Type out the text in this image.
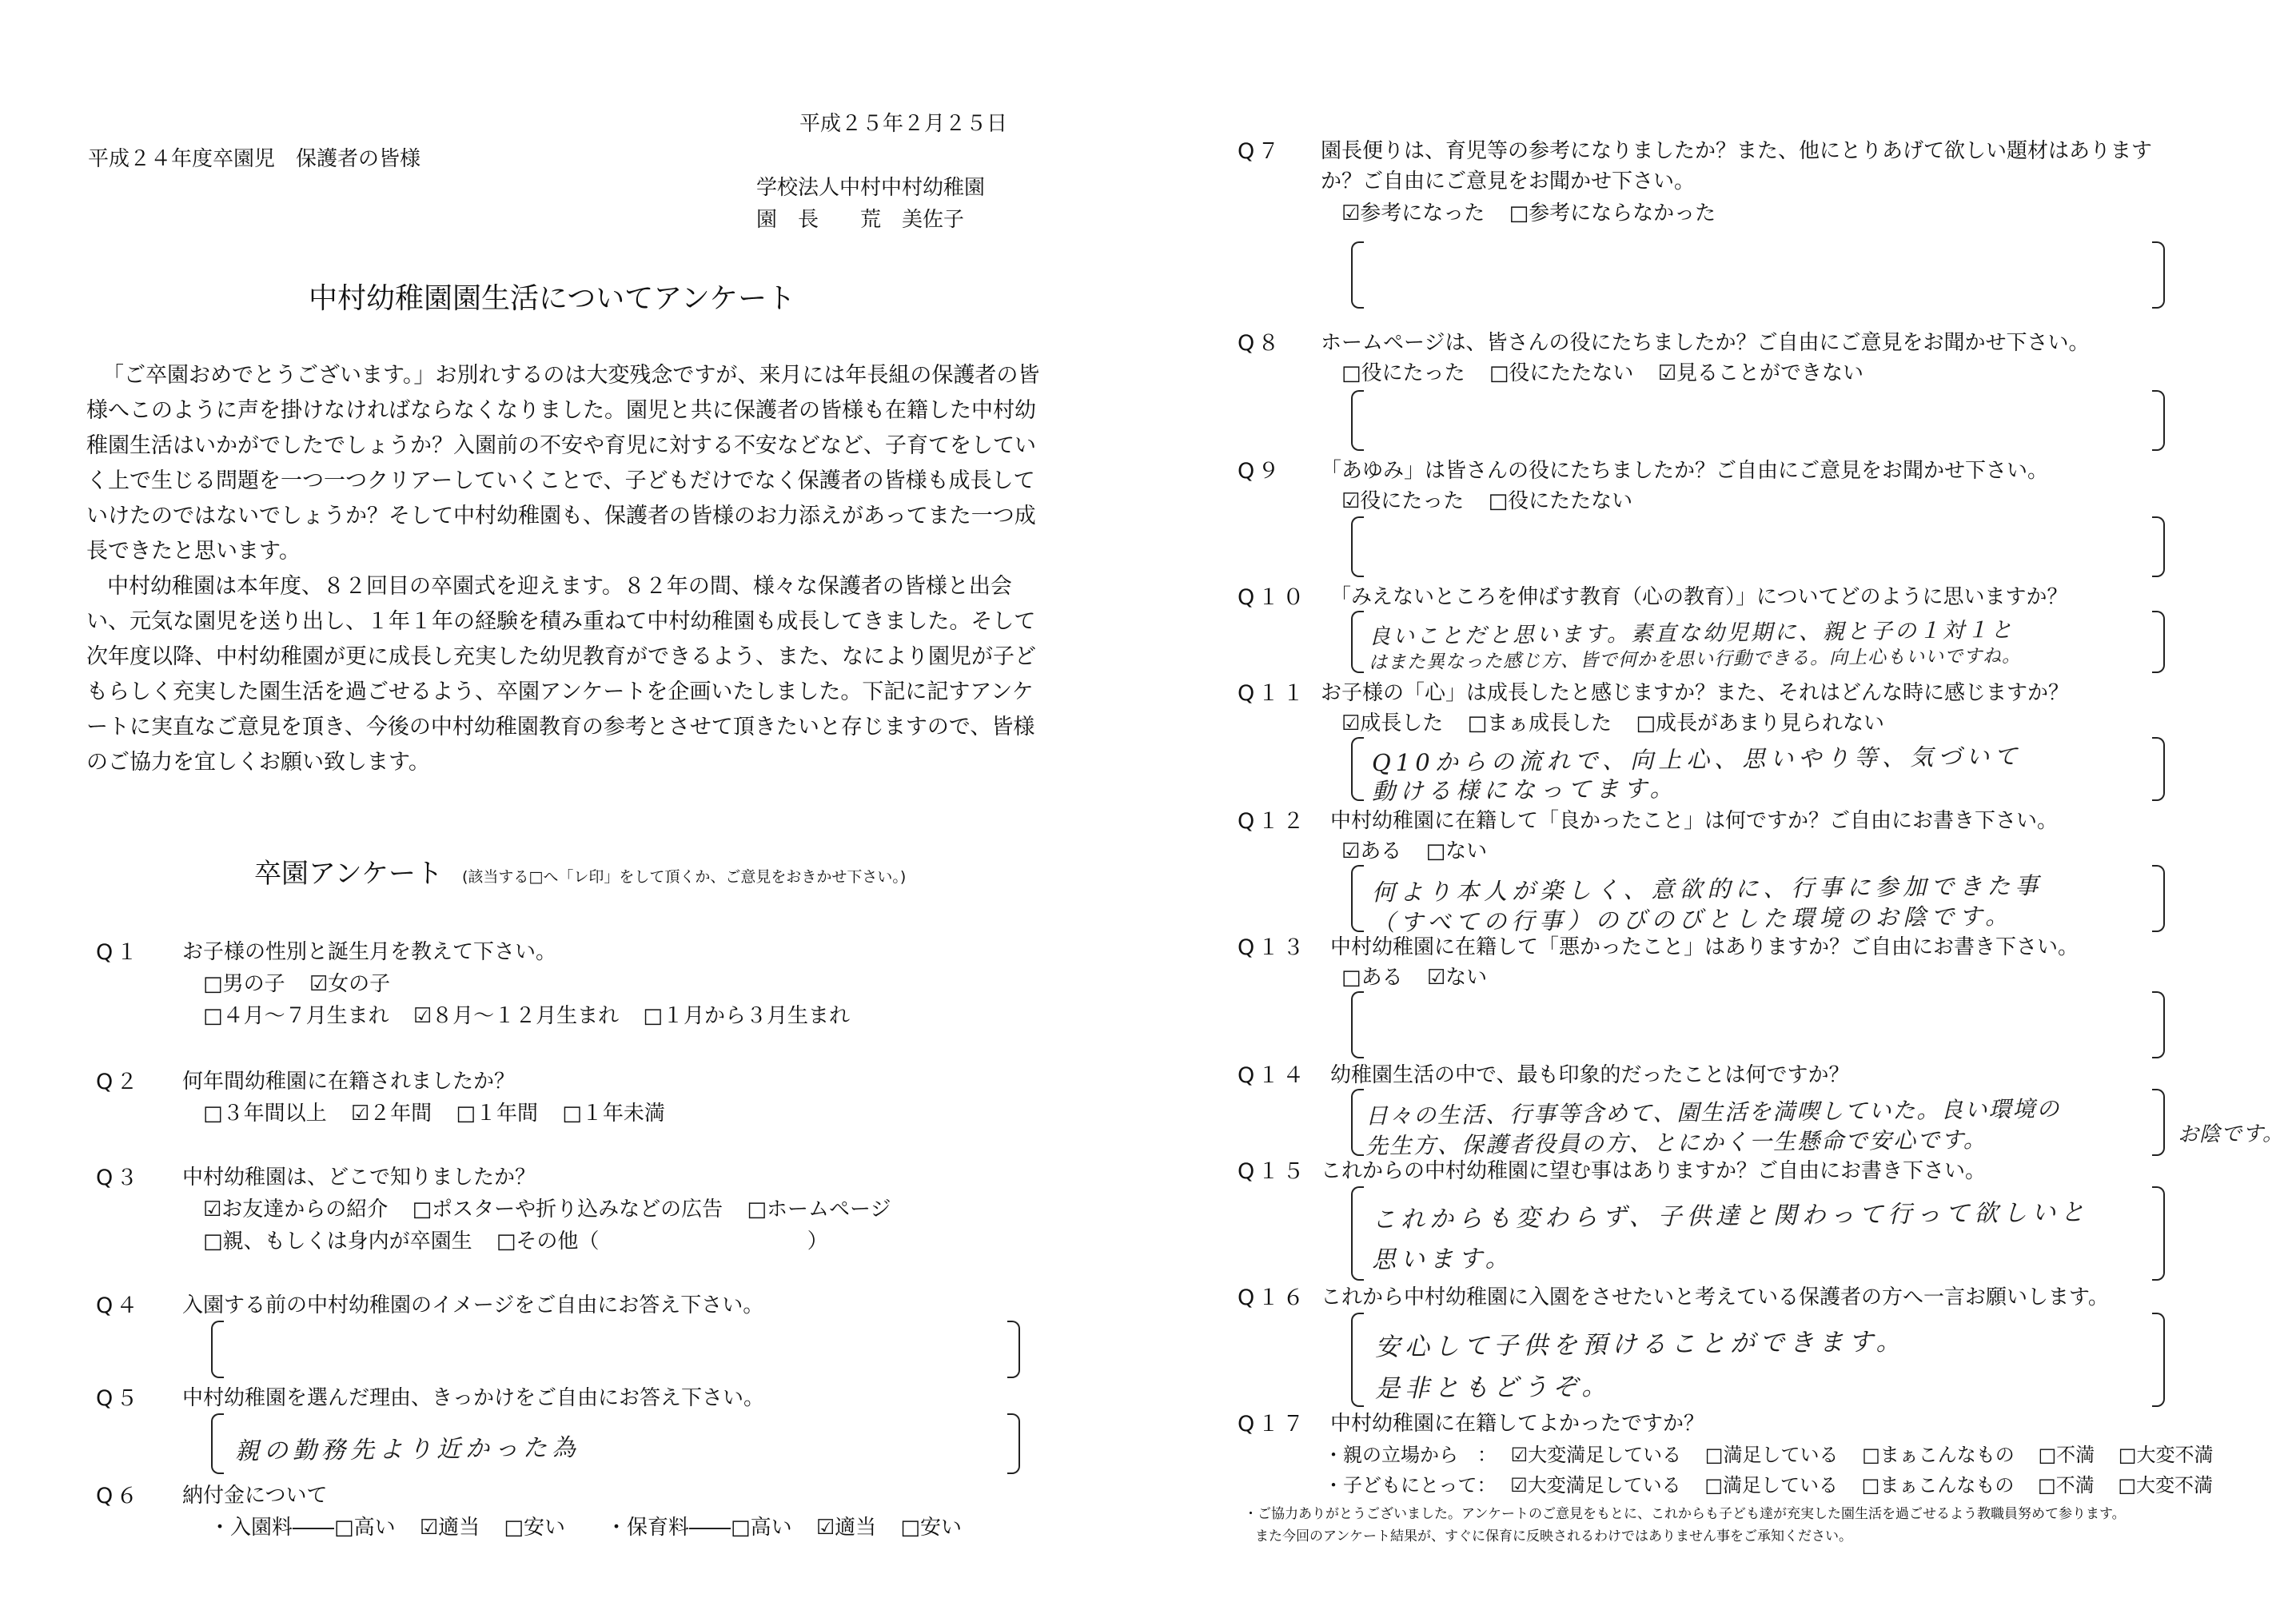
平成２５年２月２５日
平成２４年度卒園児　保護者の皆様
学校法人中村中村幼稚園
園　長　　荒　美佐子
中村幼稚園園生活についてアンケート
「ご卒園おめでとうございます。」お別れするのは大変残念ですが、来月には年長組の保護者の皆様へこのように声を掛けなければならなくなりました。園児と共に保護者の皆様も在籍した中村幼稚園生活はいかがでしたでしょうか？入園前の不安や育児に対する不安などなど、子育てをしていく上で生じる問題を一つ一つクリアーしていくことで、子どもだけでなく保護者の皆様も成長していけたのではないでしょうか？そして中村幼稚園も、保護者の皆様のお力添えがあってまた一つ成長できたと思います。
中村幼稚園は本年度、８２回目の卒園式を迎えます。８２年の間、様々な保護者の皆様と出会い、元気な園児を送り出し、１年１年の経験を積み重ねて中村幼稚園も成長してきました。そして次年度以降、中村幼稚園が更に成長し充実した幼児教育ができるよう、また、なにより園児が子どもらしく充実した園生活を過ごせるよう、卒園アンケートを企画いたしました。下記に記すアンケートに実直なご意見を頂き、今後の中村幼稚園教育の参考とさせて頂きたいと存じますので、皆様のご協力を宜しくお願い致します。
卒園アンケート (該当する□へ「レ印」をして頂くか、ご意見をおきかせ下さい。)
Q１ お子様の性別と誕生月を教えて下さい。
□男の子 ☑女の子
□４月〜７月生まれ ☑８月〜１２月生まれ □１月から３月生まれ
Q２ 何年間幼稚園に在籍されましたか？
□３年間以上 ☑２年間 □１年間 □１年未満
Q３ 中村幼稚園は、どこで知りましたか？
☑お友達からの紹介 □ポスターや折り込みなどの広告 □ホームページ
□親、もしくは身内が卒園生 □その他（	）
Q４ 入園する前の中村幼稚園のイメージをご自由にお答え下さい。
Q５ 中村幼稚園を選んだ理由、きっかけをご自由にお答え下さい。
親の勤務先より近かった為
Q６ 納付金について
・入園料――□高い ☑適当 □安い	・保育料――□高い ☑適当 □安い
Q７ 園長便りは、育児等の参考になりましたか？また、他にとりあげて欲しい題材はあります
か？ご自由にご意見をお聞かせ下さい。
☑参考になった □参考にならなかった
Q８ ホームページは、皆さんの役にたちましたか？ご自由にご意見をお聞かせ下さい。
□役にたった □役にたたない ☑見ることができない
Q９ 「あゆみ」は皆さんの役にたちましたか？ご自由にご意見をお聞かせ下さい。
☑役にたった □役にたたない
Q１０ 「みえないところを伸ばす教育（心の教育）」についてどのように思いますか？
良いことだと思います。素直な幼児期に、親と子の１対１と
はまた異なった感じ方、皆で何かを思い行動できる。向上心もいいですね。
Q１１ お子様の「心」は成長したと感じますか？また、それはどんな時に感じますか？
☑成長した □まぁ成長した □成長があまり見られない
Q10からの流れで、向上心、思いやり等、気づいて
動ける様になってます。
Q１２ 中村幼稚園に在籍して「良かったこと」は何ですか？ご自由にお書き下さい。
☑ある □ない
何より本人が楽しく、意欲的に、行事に参加できた事
（すべての行事）のびのびとした環境のお陰です。
Q１３ 中村幼稚園に在籍して「悪かったこと」はありますか？ご自由にお書き下さい。
□ある ☑ない
Q１４ 幼稚園生活の中で、最も印象的だったことは何ですか？
日々の生活、行事等含めて、園生活を満喫していた。良い環境の
先生方、保護者役員の方、とにかく一生懸命で安心です。	お陰です。
Q１５ これからの中村幼稚園に望む事はありますか？ご自由にお書き下さい。
これからも変わらず、子供達と関わって行って欲しいと
思います。
Q１６ これから中村幼稚園に入園をさせたいと考えている保護者の方へ一言お願いします。
安心して子供を預けることができます。
是非ともどうぞ。
Q１７ 中村幼稚園に在籍してよかったですか？
・親の立場から　： ☑大変満足している □満足している □まぁこんなもの □不満 □大変不満
・子どもにとって： ☑大変満足している □満足している □まぁこんなもの □不満 □大変不満
・ご協力ありがとうございました。アンケートのご意見をもとに、これからも子ども達が充実した園生活を過ごせるよう教職員努めて参ります。
また今回のアンケート結果が、すぐに保育に反映されるわけではありません事をご承知ください。
